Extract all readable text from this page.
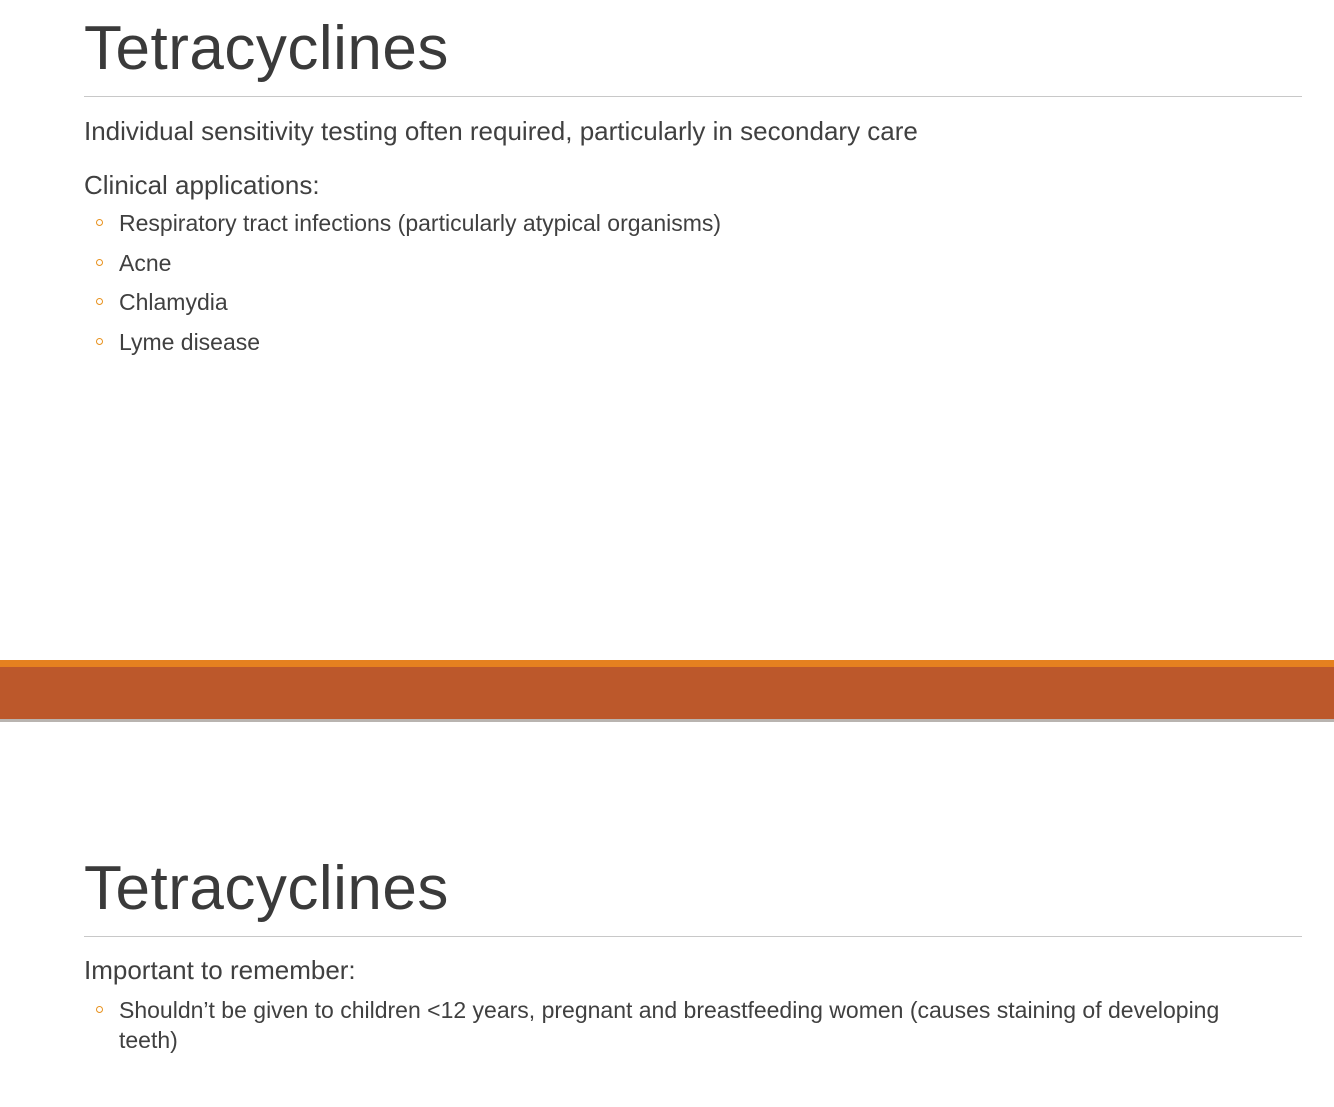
Tetracyclines

Individual sensitivity testing often required, particularly in secondary care

Clinical applications:

Respiratory tract infections (particularly atypical organisms)
Acne
Chlamydia
Lyme disease
Tetracyclines

Important to remember:

Shouldn’t be given to children <12 years, pregnant and breastfeeding women (causes staining of developing teeth)
